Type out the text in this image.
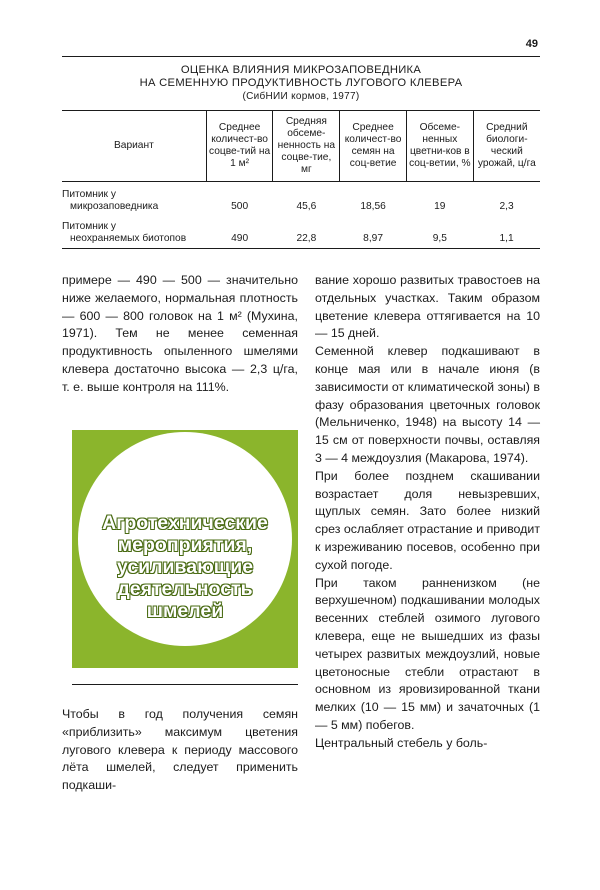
49
ОЦЕНКА ВЛИЯНИЯ МИКРОЗАПОВЕДНИКА
НА СЕМЕННУЮ ПРОДУКТИВНОСТЬ ЛУГОВОГО КЛЕВЕРА
(СибНИИ кормов, 1977)
Вариант	Среднее количест-во соцве-тий на 1 м²	Средняя обсеме-ненность на соцве-тие, мг	Среднее количест-во семян на соц-ветие	Обсеме-ненных цветни-ков в соц-ветии, %	Средний биологи-ческий урожай, ц/га

Питомник у
микрозаповедника	500	45,6	18,56	19	2,3

Питомник у
неохраняемых биотопов	490	22,8	8,97	9,5	1,1

примере — 490 — 500 — значительно ниже желаемого, нормальная плотность — 600 — 800 головок на 1 м² (Мухина, 1971). Тем не менее семенная продуктивность опыленного шмелями клевера достаточно высока — 2,3 ц/га, т. е. выше контроля на 111%.

Агротехнические
мероприятия,
усиливающие
деятельность
шмелей

Чтобы в год получения семян «приблизить» максимум цветения лугового клевера к периоду массового лёта шмелей, следует применить подкаши-

вание хорошо развитых травостоев на отдельных участках. Таким образом цветение клевера оттягивается на 10 — 15 дней.

Семенной клевер подкашивают в конце мая или в начале июня (в зависимости от климатической зоны) в фазу образования цветочных головок (Мельниченко, 1948) на высоту 14 — 15 см от поверхности почвы, оставляя 3 — 4 междоузлия (Макарова, 1974).

При более позднем скашивании возрастает доля невызревших, щуплых семян. Зато более низкий срез ослабляет отрастание и приводит к изреживанию посевов, особенно при сухой погоде.

При таком ранненизком (не верхушечном) подкашивании молодых весенних стеблей озимого лугового клевера, еще не вышедших из фазы четырех развитых междоузлий, новые цветоносные стебли отрастают в основном из яровизированной ткани мелких (10 — 15 мм) и зачаточных (1 — 5 мм) побегов.

Центральный стебель у боль-
